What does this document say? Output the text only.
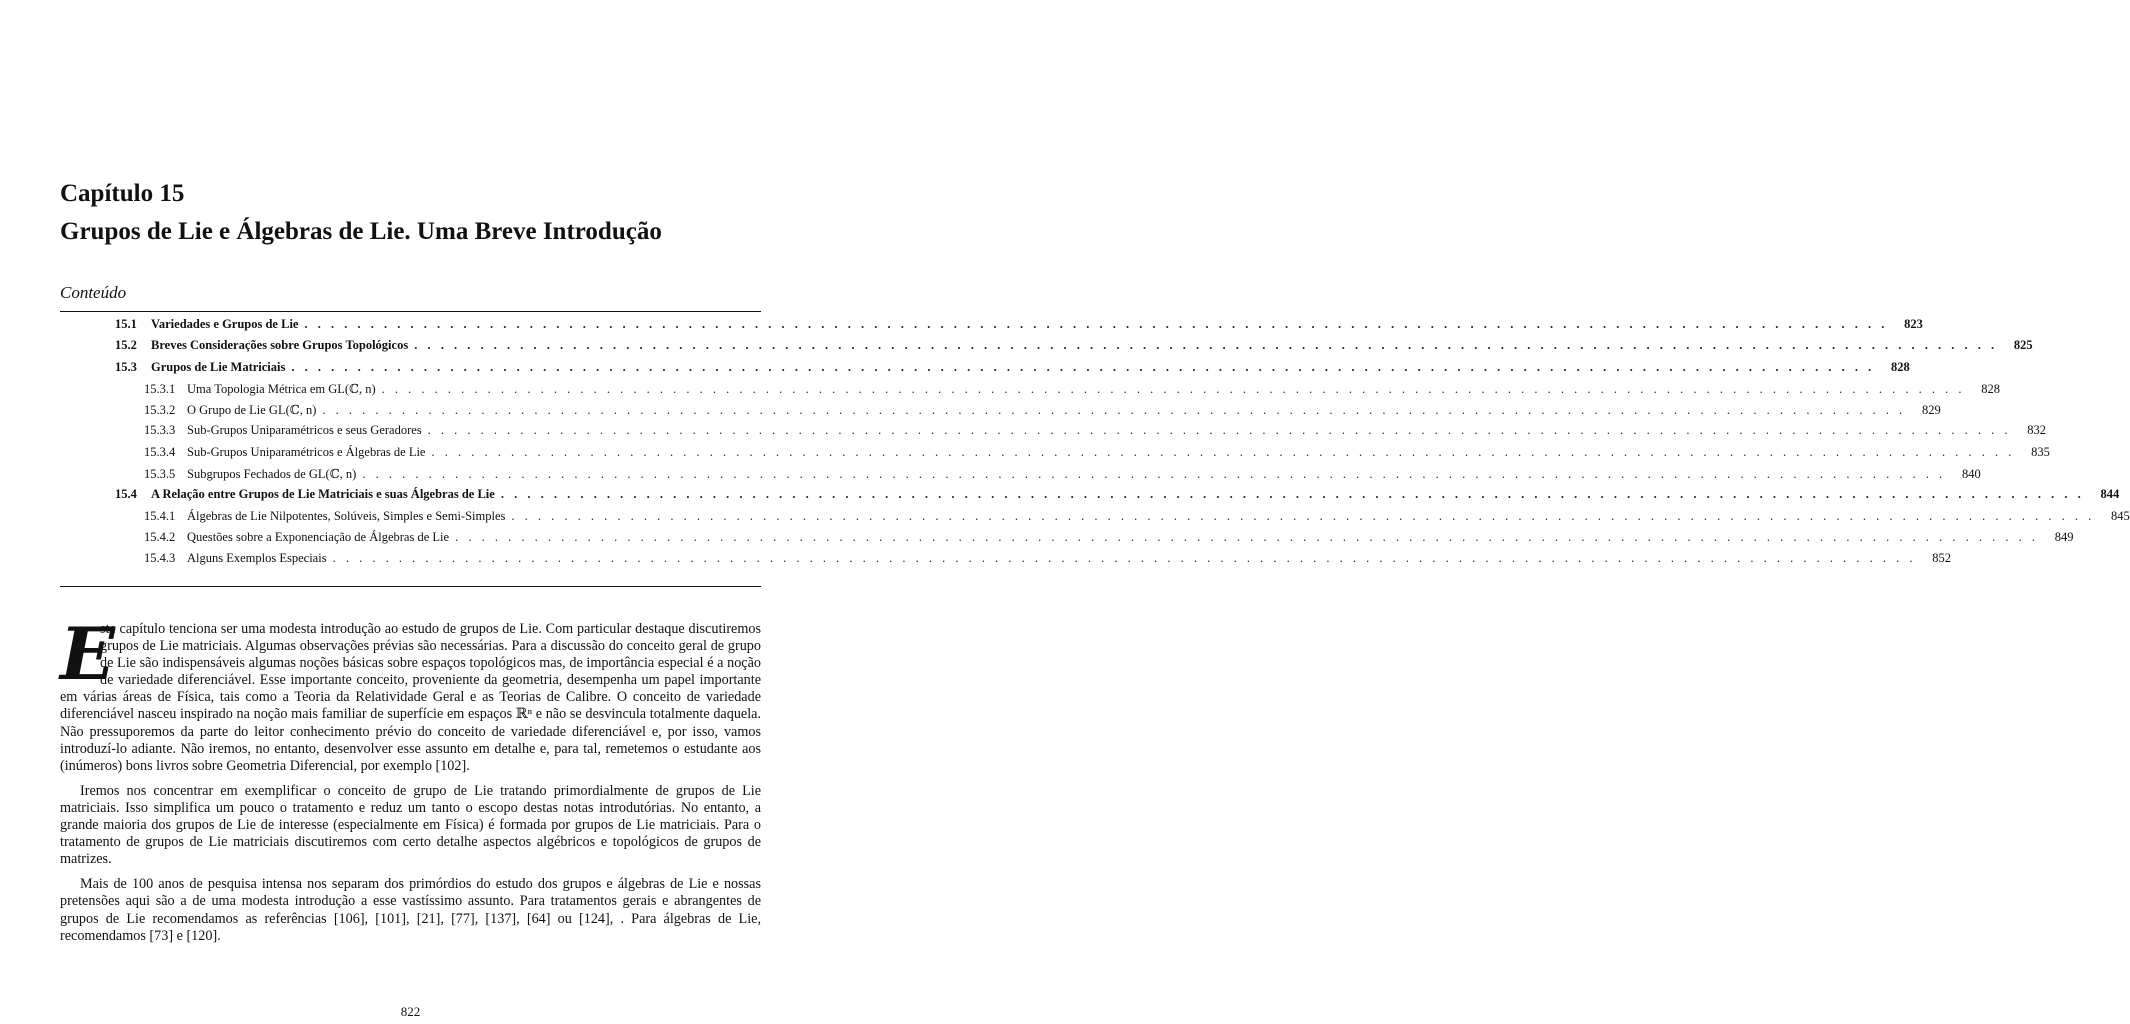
Capítulo 15
Grupos de Lie e Álgebras de Lie. Uma Breve Introdução
Conteúdo
15.1	Variedades e Grupos de Lie . . . . . . . . . . . . . . . . . . . . . . . . . . . . . . . . . . . . . . . . . . . . . . . . . . . . . . . . . . . . . . . . . . . . . . . . . . . . . . . . . . . . . . . . . . . . . . . . . . . . . . . . . . . . . . . . . . . . . . . .	823
15.2	Breves Considerações sobre Grupos Topológicos . . . . . . . . . . . . . . . . . . . . . . . . . . . . . . . . . . . . . . . . . . . . . . . . . . . . . . . . . . . . . . . . . . . . . . . . . . . . . . . . . . . . . . . . . . . . . . . . . . . . . . . . . . . . . . . . . . . . . . . .	825
15.3	Grupos de Lie Matriciais . . . . . . . . . . . . . . . . . . . . . . . . . . . . . . . . . . . . . . . . . . . . . . . . . . . . . . . . . . . . . . . . . . . . . . . . . . . . . . . . . . . . . . . . . . . . . . . . . . . . . . . . . . . . . . . . . . . . . . . .	828
15.3.1 Uma Topologia Métrica em GL(ℂ, n) . . . . . . . . . . . . . . . . . . . . . . . . . . . . . . . . . . . . . . . . . . . . . . . . . . . . . . . . . . . . . . . . . . . . . . . . . . . . . . . . . . . . . . . . . . . . . . . . . . . . . . . . . . . . . . . . . . . . . . . .	828
15.3.2 O Grupo de Lie GL(ℂ, n) . . . . . . . . . . . . . . . . . . . . . . . . . . . . . . . . . . . . . . . . . . . . . . . . . . . . . . . . . . . . . . . . . . . . . . . . . . . . . . . . . . . . . . . . . . . . . . . . . . . . . . . . . . . . . . . . . . . . . . . .	829
15.3.3 Sub-Grupos Uniparamétricos e seus Geradores . . . . . . . . . . . . . . . . . . . . . . . . . . . . . . . . . . . . . . . . . . . . . . . . . . . . . . . . . . . . . . . . . . . . . . . . . . . . . . . . . . . . . . . . . . . . . . . . . . . . . . . . . . . . . . . . . . . . . . . .	832
15.3.4 Sub-Grupos Uniparamétricos e Álgebras de Lie . . . . . . . . . . . . . . . . . . . . . . . . . . . . . . . . . . . . . . . . . . . . . . . . . . . . . . . . . . . . . . . . . . . . . . . . . . . . . . . . . . . . . . . . . . . . . . . . . . . . . . . . . . . . . . . . . . . . . . . .	835
15.3.5 Subgrupos Fechados de GL(ℂ, n) . . . . . . . . . . . . . . . . . . . . . . . . . . . . . . . . . . . . . . . . . . . . . . . . . . . . . . . . . . . . . . . . . . . . . . . . . . . . . . . . . . . . . . . . . . . . . . . . . . . . . . . . . . . . . . . . . . . . . . . .	840
15.4	A Relação entre Grupos de Lie Matriciais e suas Álgebras de Lie . . . . . . . . . . . . . . . . . . . . . . . . . . . . . . . . . . . . . . . . . . . . . . . . . . . . . . . . . . . . . . . . . . . . . . . . . . . . . . . . . . . . . . . . . . . . . . . . . . . . . . . . . . . . . . . . . . . . . . . .	844
15.4.1 Álgebras de Lie Nilpotentes, Solúveis, Simples e Semi-Simples . . . . . . . . . . . . . . . . . . . . . . . . . . . . . . . . . . . . . . . . . . . . . . . . . . . . . . . . . . . . . . . . . . . . . . . . . . . . . . . . . . . . . . . . . . . . . . . . . . . . . . . . . . . . . . . . . . . . . . . .	845
15.4.2 Questões sobre a Exponenciação de Álgebras de Lie . . . . . . . . . . . . . . . . . . . . . . . . . . . . . . . . . . . . . . . . . . . . . . . . . . . . . . . . . . . . . . . . . . . . . . . . . . . . . . . . . . . . . . . . . . . . . . . . . . . . . . . . . . . . . . . . . . . . . . . .	849
15.4.3 Alguns Exemplos Especiais . . . . . . . . . . . . . . . . . . . . . . . . . . . . . . . . . . . . . . . . . . . . . . . . . . . . . . . . . . . . . . . . . . . . . . . . . . . . . . . . . . . . . . . . . . . . . . . . . . . . . . . . . . . . . . . . . . . . . . . .	852

E
ste capítulo tenciona ser uma modesta introdução ao estudo de grupos de Lie. Com particular destaque discutiremos grupos de Lie matriciais. Algumas observações prévias são necessárias. Para a discussão do conceito geral de grupo de Lie são indispensáveis algumas noções básicas sobre espaços topológicos mas, de importância especial é a noção de variedade diferenciável. Esse importante conceito, proveniente da geometria, desempenha um papel importante em várias áreas de Física, tais como a Teoria da Relatividade Geral e as Teorias de Calibre. O conceito de variedade diferenciável nasceu inspirado na noção mais familiar de superfície em espaços ℝⁿ e não se desvincula totalmente daquela. Não pressuporemos da parte do leitor conhecimento prévio do conceito de variedade diferenciável e, por isso, vamos introduzí-lo adiante. Não iremos, no entanto, desenvolver esse assunto em detalhe e, para tal, remetemos o estudante aos (inúmeros) bons livros sobre Geometria Diferencial, por exemplo [102].

Iremos nos concentrar em exemplificar o conceito de grupo de Lie tratando primordialmente de grupos de Lie matriciais. Isso simplifica um pouco o tratamento e reduz um tanto o escopo destas notas introdutórias. No entanto, a grande maioria dos grupos de Lie de interesse (especialmente em Física) é formada por grupos de Lie matriciais. Para o tratamento de grupos de Lie matriciais discutiremos com certo detalhe aspectos algébricos e topológicos de grupos de matrizes.

Mais de 100 anos de pesquisa intensa nos separam dos primórdios do estudo dos grupos e álgebras de Lie e nossas pretensões aqui são a de uma modesta introdução a esse vastíssimo assunto. Para tratamentos gerais e abrangentes de grupos de Lie recomendamos as referências [106], [101], [21], [77], [137], [64] ou [124], . Para álgebras de Lie, recomendamos [73] e [120].

822
